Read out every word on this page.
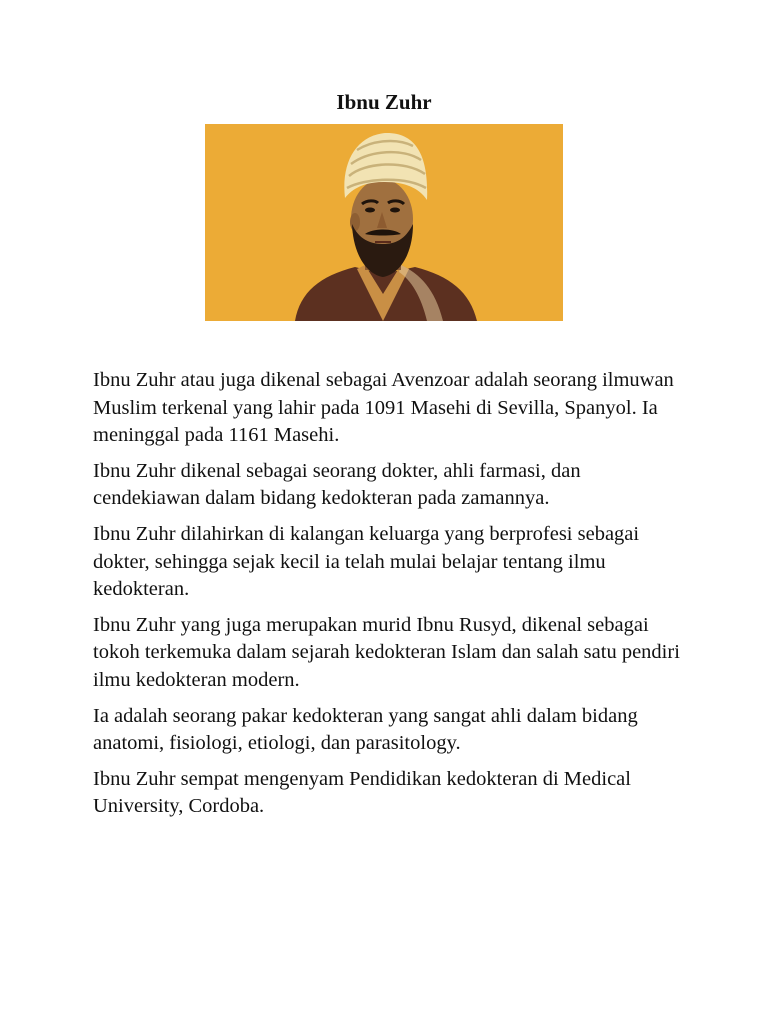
Ibnu Zuhr

Ibnu Zuhr atau juga dikenal sebagai Avenzoar adalah seorang ilmuwan Muslim terkenal yang lahir pada 1091 Masehi di Sevilla, Spanyol. Ia meninggal pada 1161 Masehi.

Ibnu Zuhr dikenal sebagai seorang dokter, ahli farmasi, dan cendekiawan dalam bidang kedokteran pada zamannya.

Ibnu Zuhr dilahirkan di kalangan keluarga yang berprofesi sebagai dokter, sehingga sejak kecil ia telah mulai belajar tentang ilmu kedokteran.

Ibnu Zuhr yang juga merupakan murid Ibnu Rusyd, dikenal sebagai tokoh terkemuka dalam sejarah kedokteran Islam dan salah satu pendiri ilmu kedokteran modern.

Ia adalah seorang pakar kedokteran yang sangat ahli dalam bidang anatomi, fisiologi, etiologi, dan parasitology.

Ibnu Zuhr sempat mengenyam Pendidikan kedokteran di Medical University, Cordoba.
